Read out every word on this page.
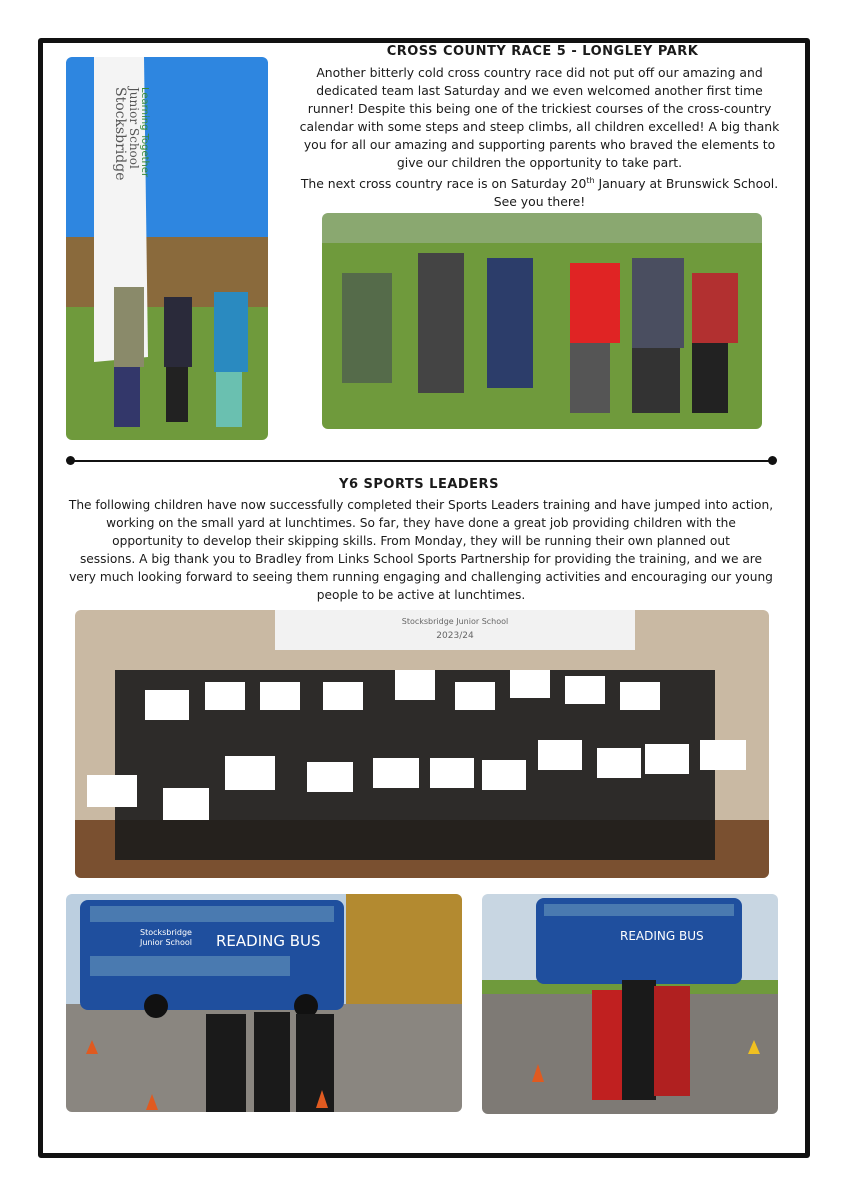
Stocksbridge Junior School
Learning Together
CROSS COUNTY RACE 5 - LONGLEY PARK
Another bitterly cold cross country race did not put off our amazing and
dedicated team last Saturday and we even welcomed another first time
runner! Despite this being one of the trickiest courses of the cross-country
calendar with some steps and steep climbs, all children excelled! A big thank
you for all our amazing and supporting parents who braved the elements to
give our children the opportunity to take part.
The next cross country race is on Saturday 20th January at Brunswick School.
See you there!
Y6 SPORTS LEADERS
The following children have now successfully completed their Sports Leaders training and have jumped into action,
working on the small yard at lunchtimes. So far, they have done a great job providing children with the
opportunity to develop their skipping skills. From Monday, they will be running their own planned out
sessions. A big thank you to Bradley from Links School Sports Partnership for providing the training, and we are
very much looking forward to seeing them running engaging and challenging activities and encouraging our young
people to be active at lunchtimes.
Stocksbridge Junior School
2023/24
Stocksbridge
Junior School READING BUS	READING BUS
